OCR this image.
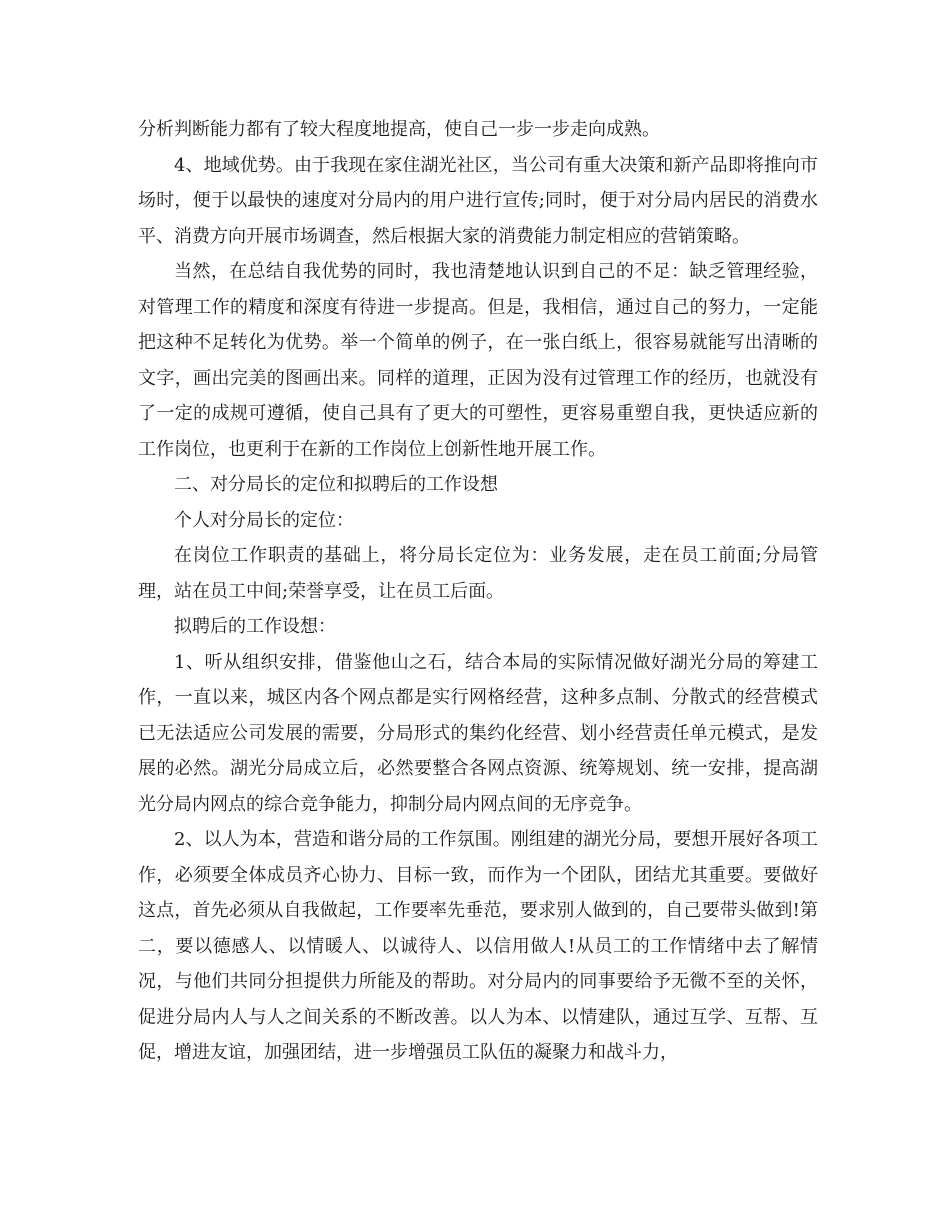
分析判断能力都有了较大程度地提高，使自己一步一步走向成熟。

4、地域优势。由于我现在家住湖光社区，当公司有重大决策和新产品即将推向市场时，便于以最快的速度对分局内的用户进行宣传;同时，便于对分局内居民的消费水平、消费方向开展市场调查，然后根据大家的消费能力制定相应的营销策略。

当然，在总结自我优势的同时，我也清楚地认识到自己的不足：缺乏管理经验，对管理工作的精度和深度有待进一步提高。但是，我相信，通过自己的努力，一定能把这种不足转化为优势。举一个简单的例子，在一张白纸上，很容易就能写出清晰的文字，画出完美的图画出来。同样的道理，正因为没有过管理工作的经历，也就没有了一定的成规可遵循，使自己具有了更大的可塑性，更容易重塑自我，更快适应新的工作岗位，也更利于在新的工作岗位上创新性地开展工作。

二、对分局长的定位和拟聘后的工作设想

个人对分局长的定位：

在岗位工作职责的基础上，将分局长定位为：业务发展，走在员工前面;分局管理，站在员工中间;荣誉享受，让在员工后面。

拟聘后的工作设想：

1、听从组织安排，借鉴他山之石，结合本局的实际情况做好湖光分局的筹建工作，一直以来，城区内各个网点都是实行网格经营，这种多点制、分散式的经营模式已无法适应公司发展的需要，分局形式的集约化经营、划小经营责任单元模式，是发展的必然。湖光分局成立后，必然要整合各网点资源、统筹规划、统一安排，提高湖光分局内网点的综合竞争能力，抑制分局内网点间的无序竞争。

2、以人为本，营造和谐分局的工作氛围。刚组建的湖光分局，要想开展好各项工作，必须要全体成员齐心协力、目标一致，而作为一个团队，团结尤其重要。要做好这点，首先必须从自我做起，工作要率先垂范，要求别人做到的，自己要带头做到!第二，要以德感人、以情暖人、以诚待人、以信用做人!从员工的工作情绪中去了解情况，与他们共同分担提供力所能及的帮助。对分局内的同事要给予无微不至的关怀，促进分局内人与人之间关系的不断改善。以人为本、以情建队，通过互学、互帮、互促，增进友谊，加强团结，进一步增强员工队伍的凝聚力和战斗力，
